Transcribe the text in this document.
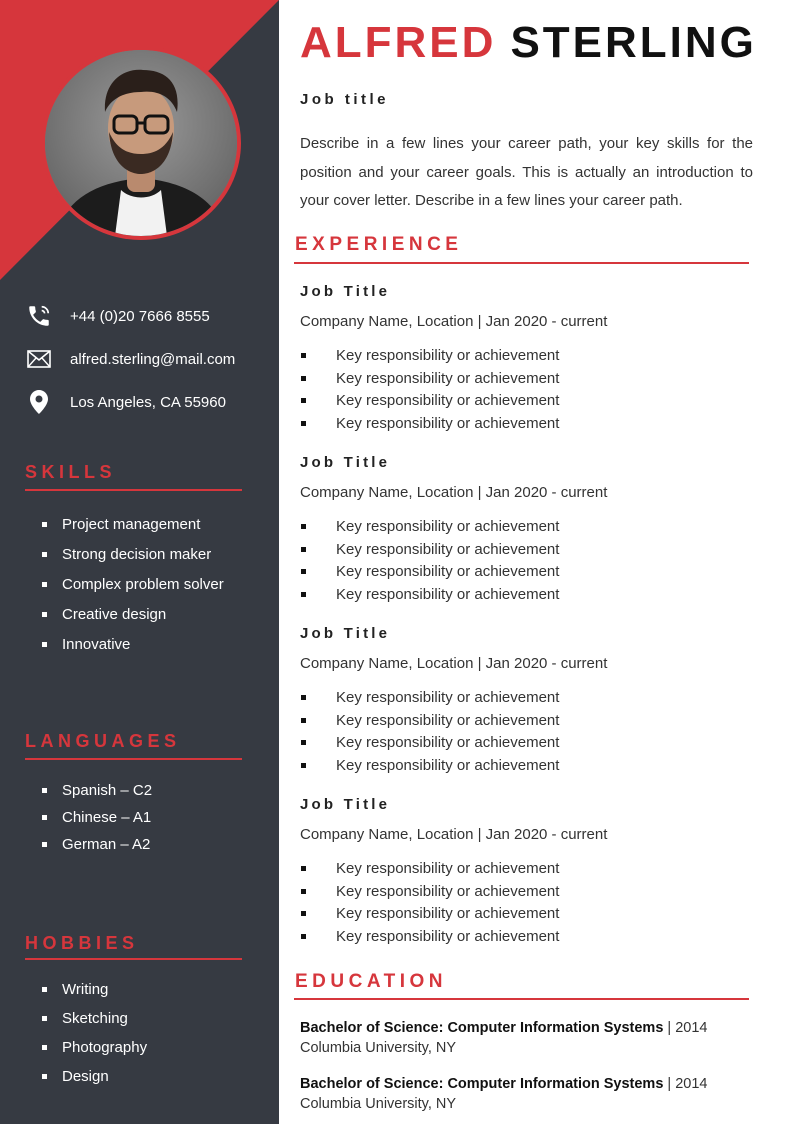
+44 (0)20 7666 8555
alfred.sterling@mail.com
Los Angeles, CA 55960
SKILLS
Project management
Strong decision maker
Complex problem solver
Creative design
Innovative
LANGUAGES
Spanish – C2
Chinese – A1
German – A2
HOBBIES
Writing
Sketching
Photography
Design
ALFRED STERLING
Job title

Describe in a few lines your career path, your key skills for the position and your career goals. This is actually an introduction to your cover letter. Describe in a few lines your career path.

EXPERIENCE
Job Title
Company Name, Location | Jan 2020 - current
Key responsibility or achievement
Key responsibility or achievement
Key responsibility or achievement
Key responsibility or achievement
Job Title
Company Name, Location | Jan 2020 - current
Key responsibility or achievement
Key responsibility or achievement
Key responsibility or achievement
Key responsibility or achievement
Job Title
Company Name, Location | Jan 2020 - current
Key responsibility or achievement
Key responsibility or achievement
Key responsibility or achievement
Key responsibility or achievement
Job Title
Company Name, Location | Jan 2020 - current
Key responsibility or achievement
Key responsibility or achievement
Key responsibility or achievement
Key responsibility or achievement
EDUCATION
Bachelor of Science: Computer Information Systems | 2014
Columbia University, NY
Bachelor of Science: Computer Information Systems | 2014
Columbia University, NY
